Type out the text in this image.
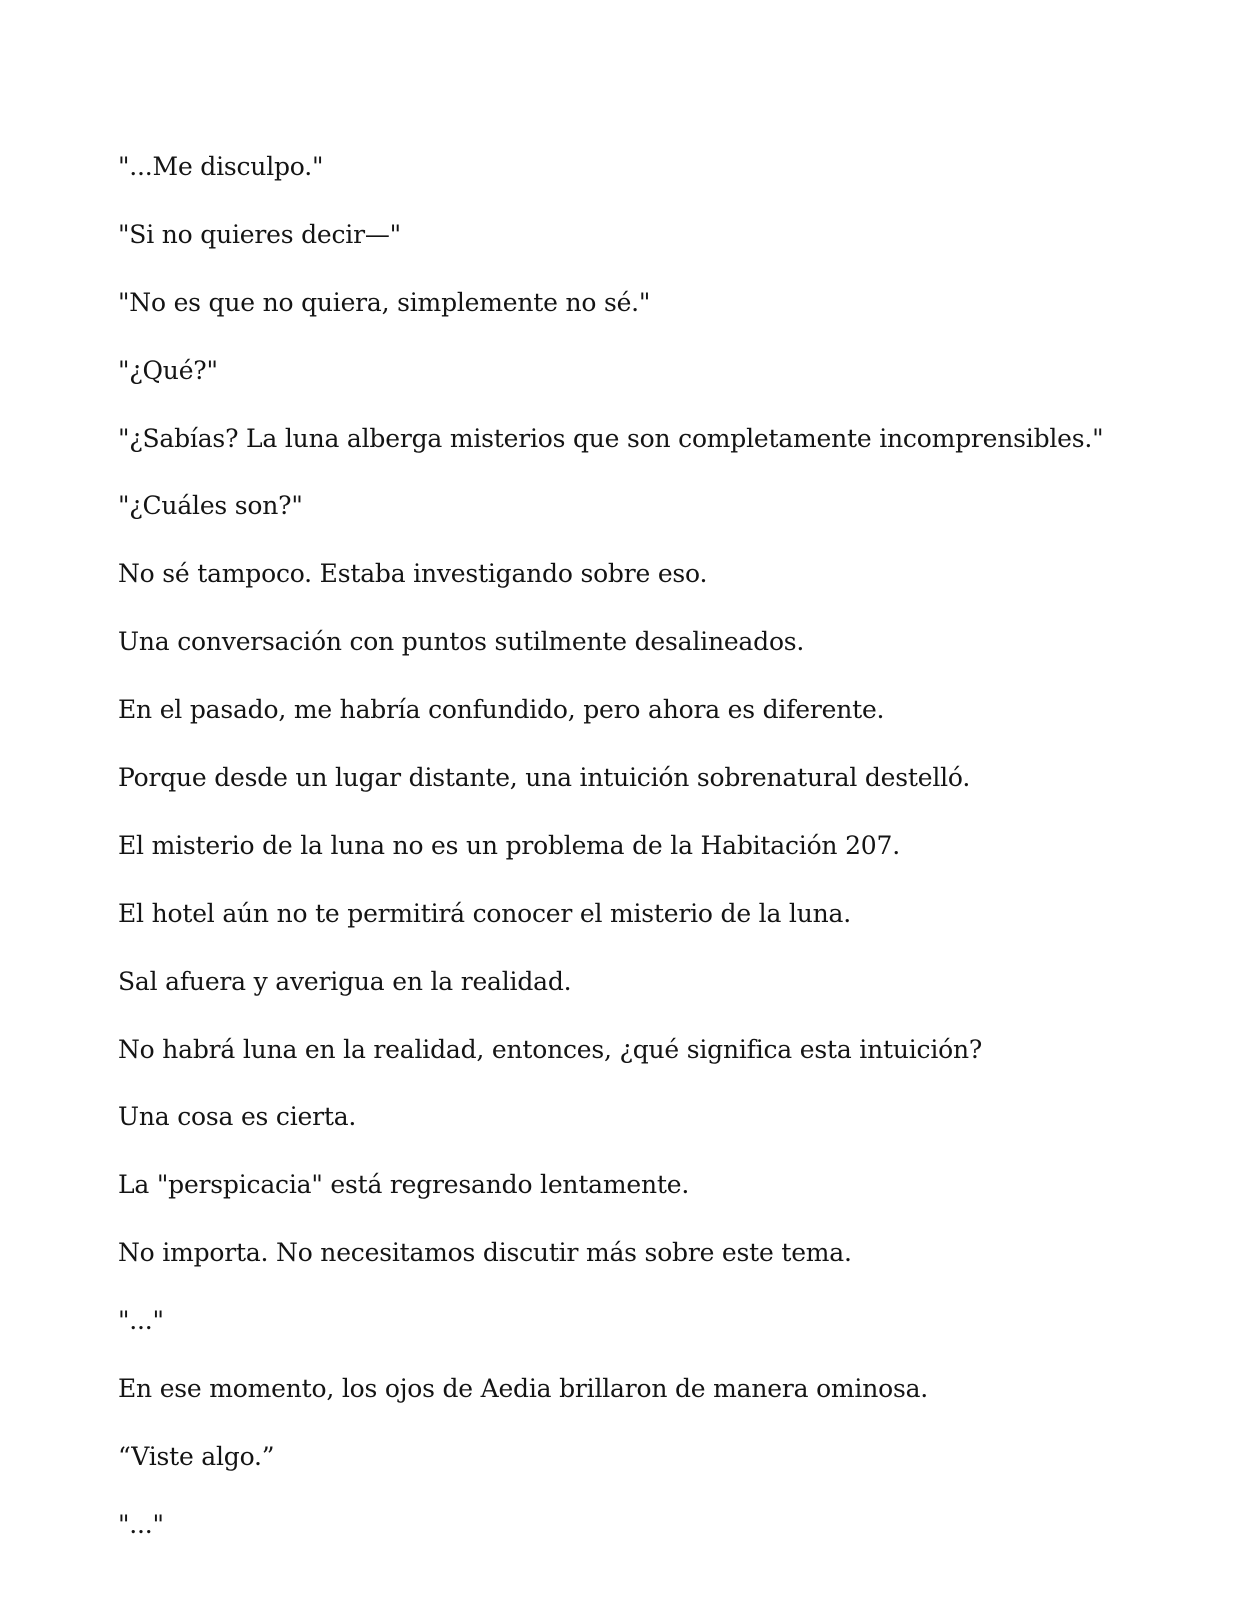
"...Me disculpo."

"Si no quieres decir—"

"No es que no quiera, simplemente no sé."

"¿Qué?"

"¿Sabías? La luna alberga misterios que son completamente incomprensibles."

"¿Cuáles son?"

No sé tampoco. Estaba investigando sobre eso.

Una conversación con puntos sutilmente desalineados.

En el pasado, me habría confundido, pero ahora es diferente.

Porque desde un lugar distante, una intuición sobrenatural destelló.

El misterio de la luna no es un problema de la Habitación 207.

El hotel aún no te permitirá conocer el misterio de la luna.

Sal afuera y averigua en la realidad.

No habrá luna en la realidad, entonces, ¿qué significa esta intuición?

Una cosa es cierta.

La "perspicacia" está regresando lentamente.

No importa. No necesitamos discutir más sobre este tema.

"..."

En ese momento, los ojos de Aedia brillaron de manera ominosa.

“Viste algo.”

"..."
